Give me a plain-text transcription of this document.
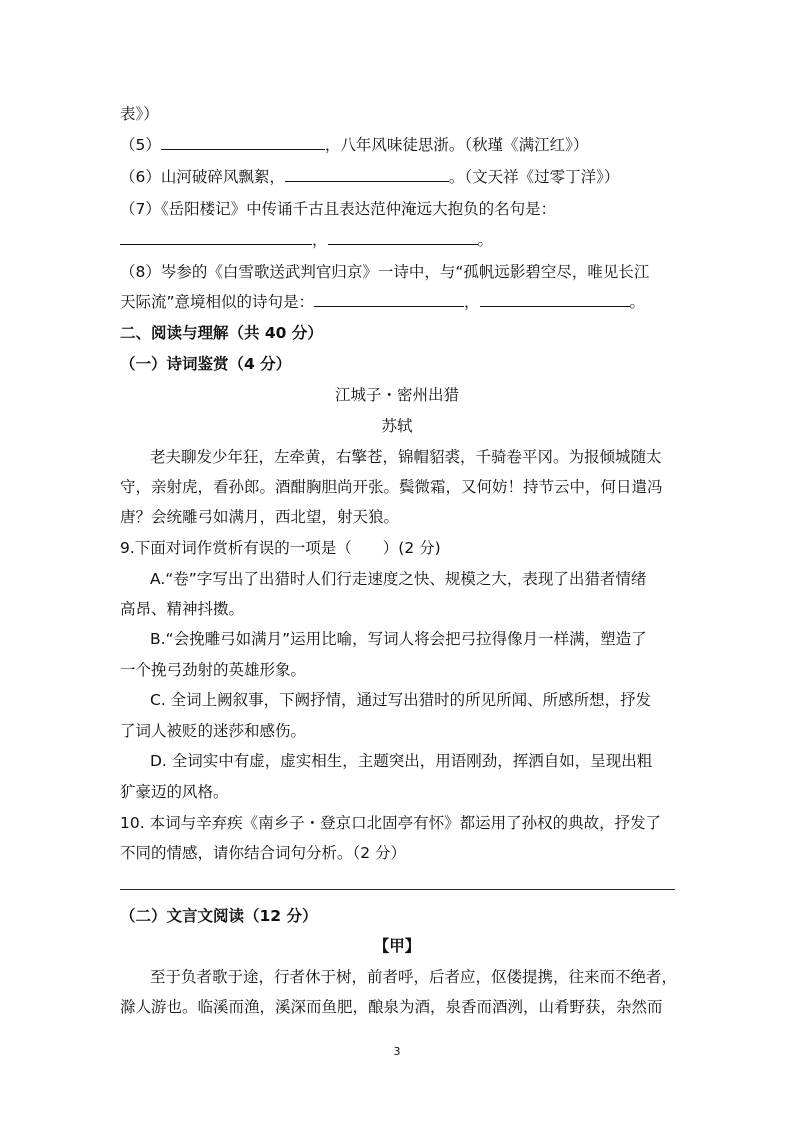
表》）
（5）	，八年风味徒思浙。（秋瑾《满江红》）
（6）山河破碎风飘絮，	。（文天祥《过零丁洋》）
（7）《岳阳楼记》中传诵千古且表达范仲淹远大抱负的名句是：
，	。
（8）岑参的《白雪歌送武判官归京》一诗中，与“孤帆远影碧空尽，唯见长江
天际流”意境相似的诗句是：	，	。
二、阅读与理解（共 40 分）
（一）诗词鉴赏（4 分）
江城子・密州出猎
苏轼
老夫聊发少年狂，左牵黄，右擎苍，锦帽貂裘，千骑卷平冈。为报倾城随太
守，亲射虎，看孙郎。酒酣胸胆尚开张。鬓微霜，又何妨！持节云中，何日遣冯
唐？会统雕弓如满月，西北望，射天狼。
9.下面对词作赏析有误的一项是（　　）(2 分)
A.“卷”字写出了出猎时人们行走速度之快、规模之大，表现了出猎者情绪
高昂、精神抖擞。
B.“会挽雕弓如满月”运用比喻，写词人将会把弓拉得像月一样满，塑造了
一个挽弓劲射的英雄形象。
C. 全词上阙叙事，下阙抒情，通过写出猎时的所见所闻、所感所想，抒发
了词人被贬的迷莎和感伤。
D. 全词实中有虚，虚实相生，主题突出，用语刚劲，挥洒自如，呈现出粗
犷豪迈的风格。
10. 本词与辛弃疾《南乡子・登京口北固亭有怀》都运用了孙权的典故，抒发了
不同的情感，请你结合词句分析。（2 分）
（二）文言文阅读（12 分）
【甲】
至于负者歌于途，行者休于树，前者呼，后者应，伛偻提携，往来而不绝者，
滁人游也。临溪而渔，溪深而鱼肥，酿泉为酒，泉香而酒洌，山肴野获，杂然而
3
